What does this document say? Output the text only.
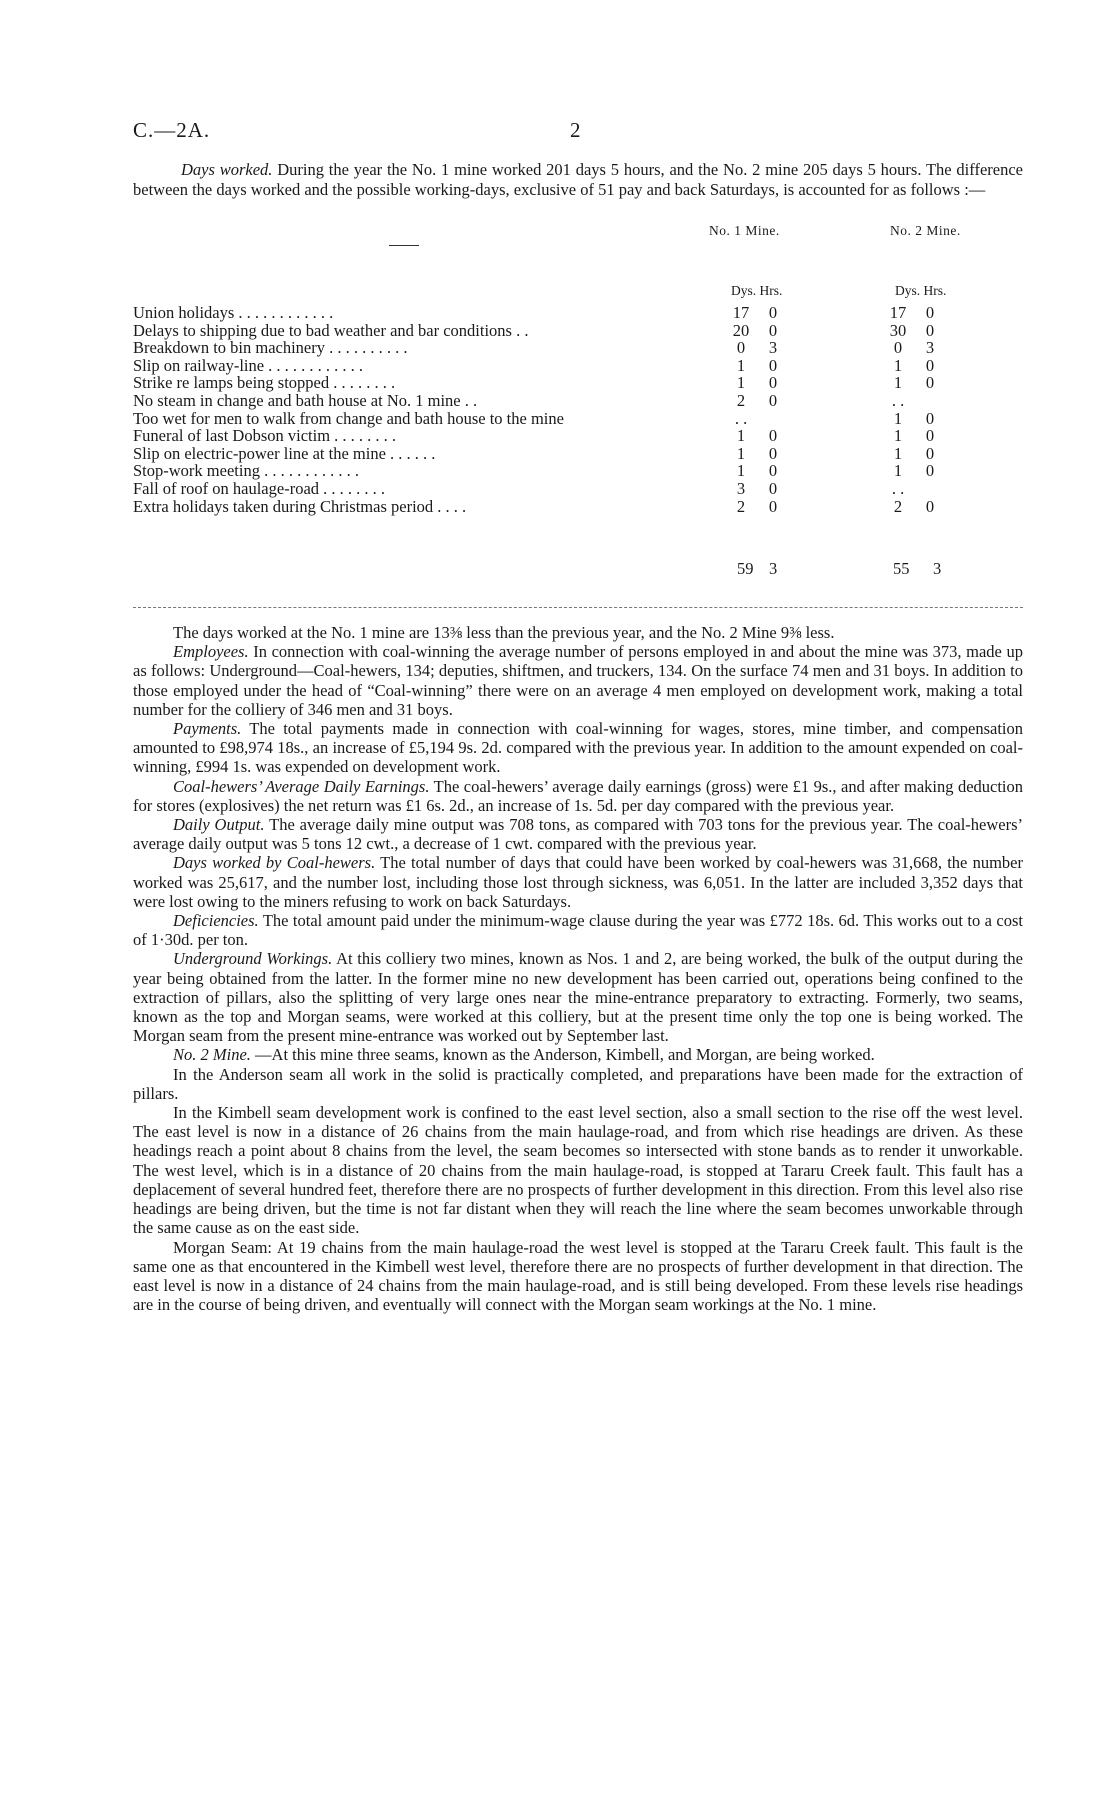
C.—2A.	2
Days worked. During the year the No. 1 mine worked 201 days 5 hours, and the No. 2 mine 205 days 5 hours. The difference between the days worked and the possible working-days, exclusive of 51 pay and back Saturdays, is accounted for as follows :—
No. 1 Mine.	No. 2 Mine.
Dys. Hrs.	Dys. Hrs.
Union holidays . . . . . . . . . . . .	17	0	17	0
Delays to shipping due to bad weather and bar conditions . .	20	0	30	0
Breakdown to bin machinery . . . . . . . . . .	0	3	0	3
Slip on railway-line . . . . . . . . . . . .	1	0	1	0
Strike re lamps being stopped . . . . . . . .	1	0	1	0
No steam in change and bath house at No. 1 mine . .	2	0	. .
Too wet for men to walk from change and bath house to the mine	. .	1	0
Funeral of last Dobson victim . . . . . . . .	1	0	1	0
Slip on electric-power line at the mine . . . . . .	1	0	1	0
Stop-work meeting . . . . . . . . . . . .	1	0	1	0
Fall of roof on haulage-road . . . . . . . .	3	0	. .
Extra holidays taken during Christmas period . . . .	2	0	2	0
59 3	55 3

The days worked at the No. 1 mine are 13⅜ less than the previous year, and the No. 2 Mine 9⅜ less.

Employees. In connection with coal-winning the average number of persons employed in and about the mine was 373, made up as follows: Underground—Coal-hewers, 134; deputies, shiftmen, and truckers, 134. On the surface 74 men and 31 boys. In addition to those employed under the head of “Coal-winning” there were on an average 4 men employed on development work, making a total number for the colliery of 346 men and 31 boys.

Payments. The total payments made in connection with coal-winning for wages, stores, mine timber, and compensation amounted to £98,974 18s., an increase of £5,194 9s. 2d. compared with the previous year. In addition to the amount expended on coal-winning, £994 1s. was expended on development work.

Coal-hewers’ Average Daily Earnings. The coal-hewers’ average daily earnings (gross) were £1 9s., and after making deduction for stores (explosives) the net return was £1 6s. 2d., an increase of 1s. 5d. per day compared with the previous year.

Daily Output. The average daily mine output was 708 tons, as compared with 703 tons for the previous year. The coal-hewers’ average daily output was 5 tons 12 cwt., a decrease of 1 cwt. compared with the previous year.

Days worked by Coal-hewers. The total number of days that could have been worked by coal-hewers was 31,668, the number worked was 25,617, and the number lost, including those lost through sickness, was 6,051. In the latter are included 3,352 days that were lost owing to the miners refusing to work on back Saturdays.

Deficiencies. The total amount paid under the minimum-wage clause during the year was £772 18s. 6d. This works out to a cost of 1·30d. per ton.

Underground Workings. At this colliery two mines, known as Nos. 1 and 2, are being worked, the bulk of the output during the year being obtained from the latter. In the former mine no new development has been carried out, operations being confined to the extraction of pillars, also the splitting of very large ones near the mine-entrance preparatory to extracting. Formerly, two seams, known as the top and Morgan seams, were worked at this colliery, but at the present time only the top one is being worked. The Morgan seam from the present mine-entrance was worked out by September last.

No. 2 Mine. —At this mine three seams, known as the Anderson, Kimbell, and Morgan, are being worked.

In the Anderson seam all work in the solid is practically completed, and preparations have been made for the extraction of pillars.

In the Kimbell seam development work is confined to the east level section, also a small section to the rise off the west level. The east level is now in a distance of 26 chains from the main haulage-road, and from which rise headings are driven. As these headings reach a point about 8 chains from the level, the seam becomes so intersected with stone bands as to render it unworkable. The west level, which is in a distance of 20 chains from the main haulage-road, is stopped at Tararu Creek fault. This fault has a deplacement of several hundred feet, therefore there are no prospects of further development in this direction. From this level also rise headings are being driven, but the time is not far distant when they will reach the line where the seam becomes unworkable through the same cause as on the east side.

Morgan Seam: At 19 chains from the main haulage-road the west level is stopped at the Tararu Creek fault. This fault is the same one as that encountered in the Kimbell west level, therefore there are no prospects of further development in that direction. The east level is now in a distance of 24 chains from the main haulage-road, and is still being developed. From these levels rise headings are in the course of being driven, and eventually will connect with the Morgan seam workings at the No. 1 mine.
